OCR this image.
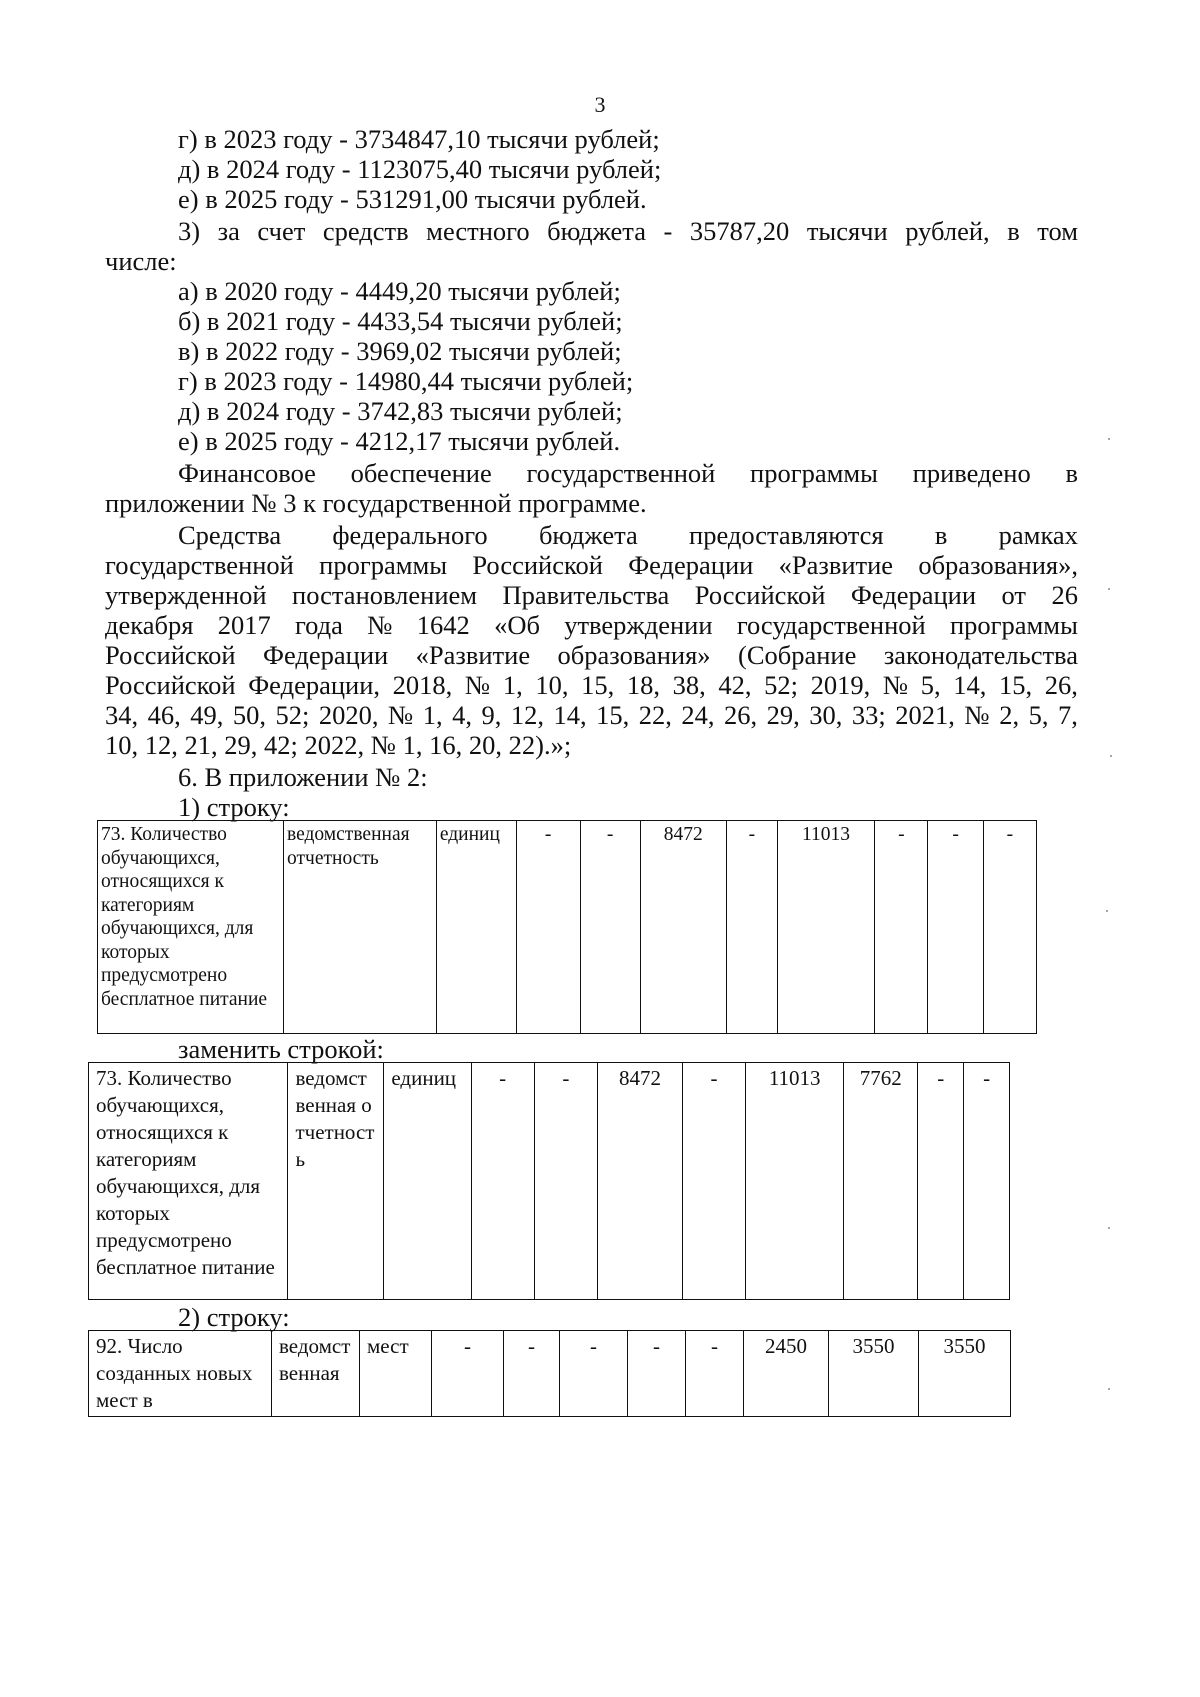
3
г) в 2023 году - 3734847,10 тысячи рублей;
д) в 2024 году - 1123075,40 тысячи рублей;
е) в 2025 году - 531291,00 тысячи рублей.
3) за счет средств местного бюджета - 35787,20 тысячи рублей, в том
числе:
а) в 2020 году - 4449,20 тысячи рублей;
б) в 2021 году - 4433,54 тысячи рублей;
в) в 2022 году - 3969,02 тысячи рублей;
г) в 2023 году - 14980,44 тысячи рублей;
д) в 2024 году - 3742,83 тысячи рублей;
е) в 2025 году - 4212,17 тысячи рублей.
Финансовое обеспечение государственной программы приведено в
приложении № 3 к государственной программе.
Средства федерального бюджета предоставляются в рамках
государственной программы Российской Федерации «Развитие образования»,
утвержденной постановлением Правительства Российской Федерации от 26
декабря 2017 года № 1642 «Об утверждении государственной программы
Российской Федерации «Развитие образования» (Собрание законодательства
Российской Федерации, 2018, № 1, 10, 15, 18, 38, 42, 52; 2019, № 5, 14, 15, 26,
34, 46, 49, 50, 52; 2020, № 1, 4, 9, 12, 14, 15, 22, 24, 26, 29, 30, 33; 2021, № 2, 5, 7,
10, 12, 21, 29, 42; 2022, № 1, 16, 20, 22).»;
6. В приложении № 2:
1) строку:
73. Количество обучающихся, относящихся к категориям обучающихся, для которых предусмотрено бесплатное питание	ведомственная отчетность	единиц	-	-	8472	-	11013	-	-	-
заменить строкой:
73. Количество обучающихся, относящихся к категориям обучающихся, для которых предусмотрено бесплатное питание	ведомственная отчетность	единиц	-	-	8472	-	11013	7762	-	-
2) строку:
92. Число созданных новых мест в	ведомственная	мест	-	-	-	-	-	2450	3550	3550
